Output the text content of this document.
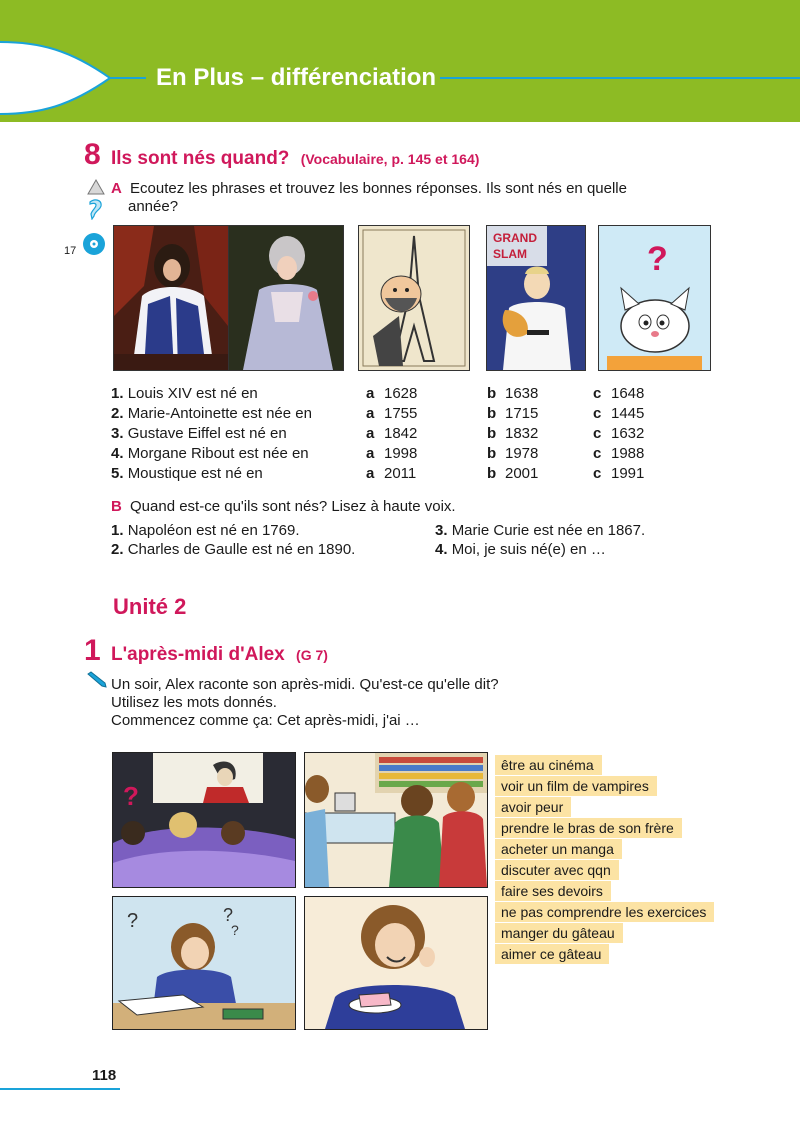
En Plus – différenciation
8 Ils sont nés quand? (Vocabulaire, p. 145 et 164)
17
A Ecoutez les phrases et trouvez les bonnes réponses. Ils sont nés en quelle
année?
GRAND
SLAM	?
1. Louis XIV est né en
2. Marie-Antoinette est née en
3. Gustave Eiffel est né en
4. Morgane Ribout est née en
5. Moustique est né en
a 1628
a 1755
a 1842
a 1998
a 2011
b 1638
b 1715
b 1832
b 1978
b 2001
c 1648
c 1445
c 1632
c 1988
c 1991
B Quand est-ce qu'ils sont nés? Lisez à haute voix.
1. Napoléon est né en 1769.
2. Charles de Gaulle est né en 1890.
3. Marie Curie est née en 1867.
4. Moi, je suis né(e) en …
Unité 2
1 L'après-midi d'Alex (G 7)
Un soir, Alex raconte son après-midi. Qu'est-ce qu'elle dit?
Utilisez les mots donnés.
Commencez comme ça: Cet après-midi, j'ai …
?
?	?
?
être au cinéma
voir un film de vampires
avoir peur
prendre le bras de son frère
acheter un manga
discuter avec qqn
faire ses devoirs
ne pas comprendre les exercices
manger du gâteau
aimer ce gâteau
118
